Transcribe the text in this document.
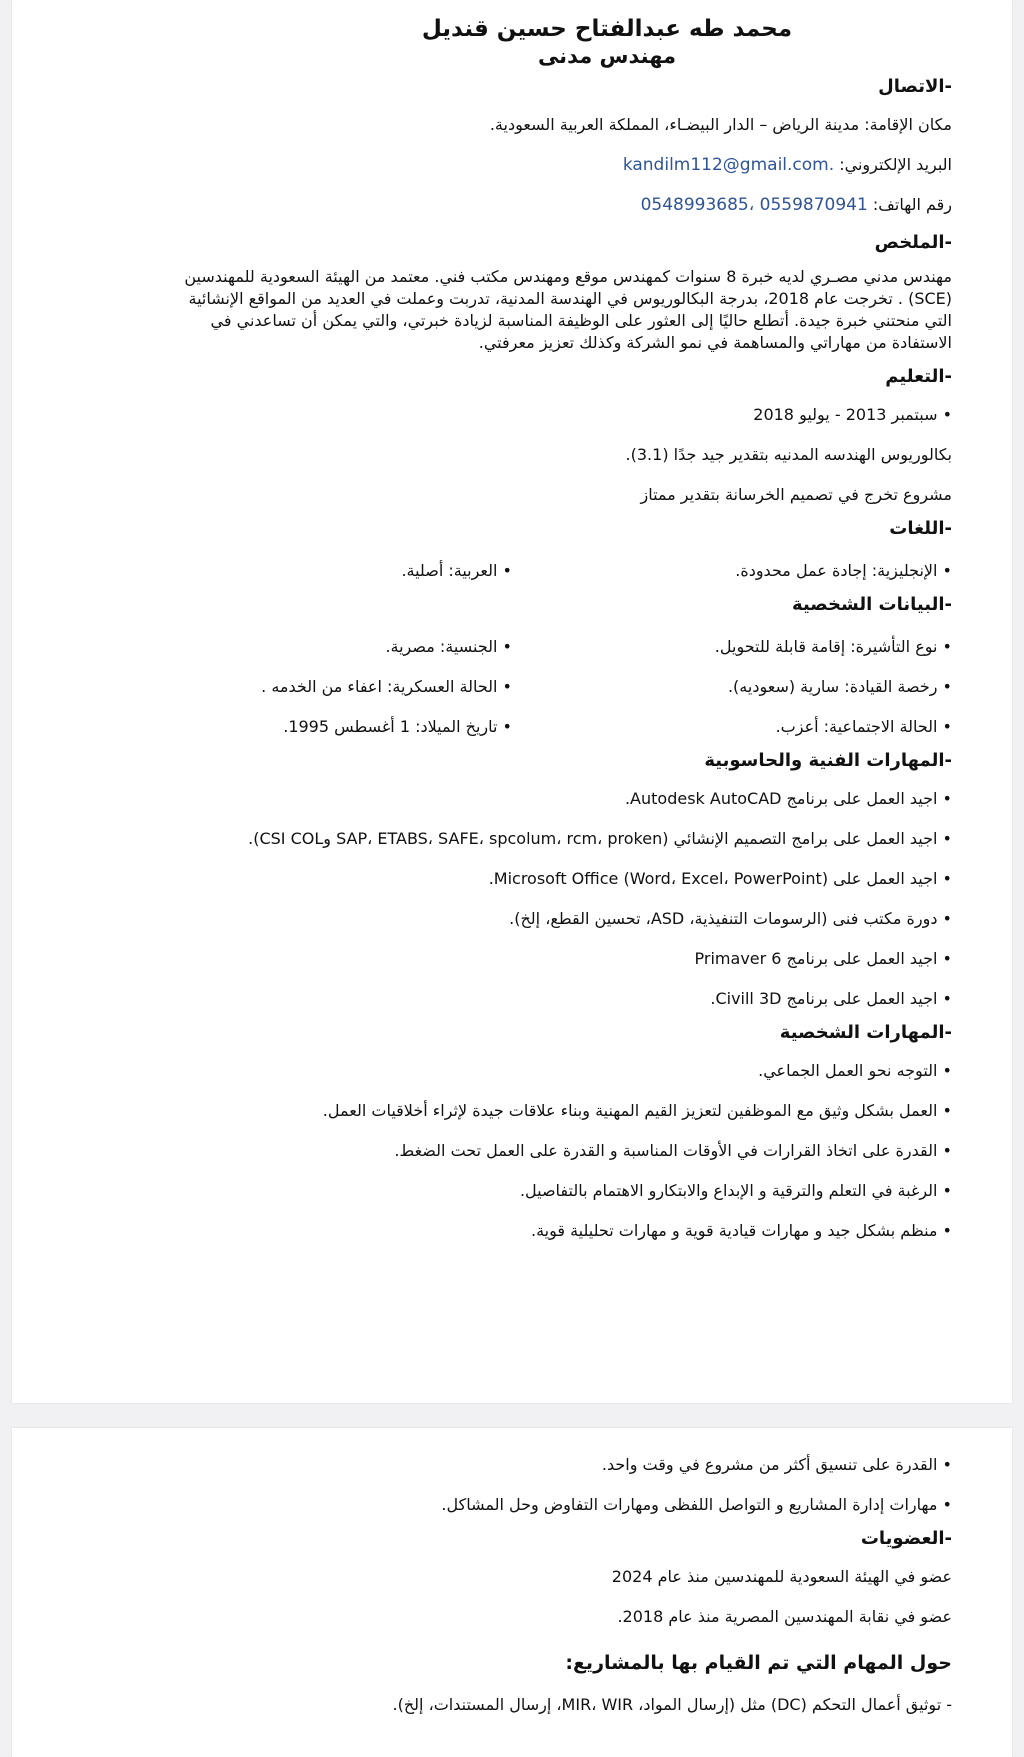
محمد طه عبدالفتاح حسين قنديل
مهندس مدنى
-الاتصال
مكان الإقامة: مدينة الرياض – الدار البيضـاء، المملكة العربية السعودية.
البريد الإلكتروني: kandilm112@gmail.com.
رقم الهاتف: 0548993685، 0559870941
-الملخص
مهندس مدني مصـري لديه خبرة 8 سنوات كمهندس موقع ومهندس مكتب فني. معتمد من الهيئة السعودية للمهندسين
(SCE) . تخرجت عام 2018، بدرجة البكالوريوس في الهندسة المدنية، تدربت وعملت في العديد من المواقع الإنشائية
التي منحتني خبرة جيدة. أتطلع حاليًا إلى العثور على الوظيفة المناسبة لزيادة خبرتي، والتي يمكن أن تساعدني في
الاستفادة من مهاراتي والمساهمة في نمو الشركة وكذلك تعزيز معرفتي.
-التعليم
• سبتمبر 2013 - يوليو 2018
بكالوريوس الهندسه المدنيه بتقدير جيد جدًا (3.1).
مشروع تخرج في تصميم الخرسانة بتقدير ممتاز
-اللغات
• الإنجليزية: إجادة عمل محدودة.
• العربية: أصلية.
-البيانات الشخصية
• نوع التأشيرة: إقامة قابلة للتحويل.
• الجنسية: مصرية.
• رخصة القيادة: سارية (سعوديه).
• الحالة العسكرية: اعفاء من الخدمه .
• الحالة الاجتماعية: أعزب.
• تاريخ الميلاد: 1 أغسطس 1995.
-المهارات الفنية والحاسوبية
• اجيد العمل على برنامج Autodesk AutoCAD.
• اجيد العمل على برامج التصميم الإنشائي (SAP، ETABS، SAFE، spcolum، rcm، proken وCSI COL).
• اجيد العمل على Microsoft Office (Word، Excel، PowerPoint).
• دورة مكتب فنى (الرسومات التنفيذية، ASD، تحسين القطع، إلخ).
• اجيد العمل على برنامج Primaver 6
• اجيد العمل على برنامج Civill 3D.
-المهارات الشخصية
• التوجه نحو العمل الجماعي.
• العمل بشكل وثيق مع الموظفين لتعزيز القيم المهنية وبناء علاقات جيدة لإثراء أخلاقيات العمل.
• القدرة على اتخاذ القرارات في الأوقات المناسبة و القدرة على العمل تحت الضغط.
• الرغبة في التعلم والترقية و الإبداع والابتكارو الاهتمام بالتفاصيل.
• منظم بشكل جيد و مهارات قيادية قوية و مهارات تحليلية قوية.
• القدرة على تنسيق أكثر من مشروع في وقت واحد.
• مهارات إدارة المشاريع و التواصل اللفظى ومهارات التفاوض وحل المشاكل.
-العضويات
عضو في الهيئة السعودية للمهندسين منذ عام 2024
عضو في نقابة المهندسين المصرية منذ عام 2018.
حول المهام التي تم القيام بها بالمشاريع:
- توثيق أعمال التحكم (DC) مثل (إرسال المواد، MIR، WIR، إرسال المستندات، إلخ).
